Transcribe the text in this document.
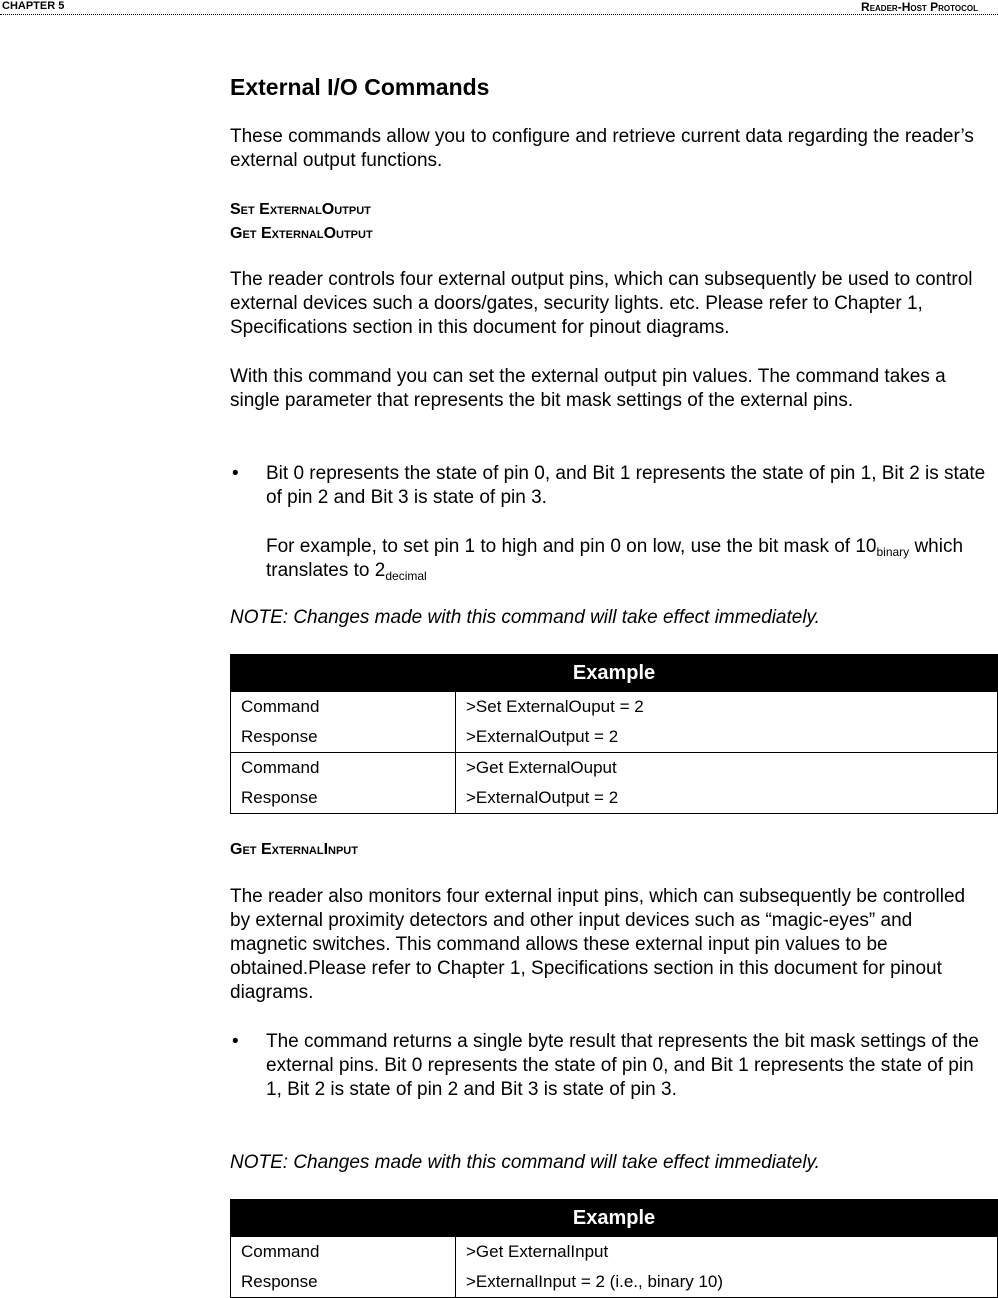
CHAPTER 5	Reader-Host Protocol
External I/O Commands

These commands allow you to configure and retrieve current data regarding the reader’s external output functions.

Set ExternalOutput
Get ExternalOutput

The reader controls four external output pins, which can subsequently be used to control external devices such a doors/gates, security lights. etc. Please refer to Chapter 1, Specifications section in this document for pinout diagrams.

With this command you can set the external output pin values. The command takes a single parameter that represents the bit mask settings of the external pins.

• Bit 0 represents the state of pin 0, and Bit 1 represents the state of pin 1, Bit 2 is state of pin 2 and Bit 3 is state of pin 3.
For example, to set pin 1 to high and pin 0 on low, use the bit mask of $10_{binary}$ which translates to $2_{decimal}$

NOTE: Changes made with this command will take effect immediately.

Example
Command	>Set ExternalOuput = 2
Response	>ExternalOutput = 2
Command	>Get ExternalOuput
Response	>ExternalOutput = 2
Get ExternalInput

The reader also monitors four external input pins, which can subsequently be controlled by external proximity detectors and other input devices such as “magic-eyes” and magnetic switches. This command allows these external input pin values to be obtained.Please refer to Chapter 1, Specifications section in this document for pinout diagrams.

• The command returns a single byte result that represents the bit mask settings of the external pins. Bit 0 represents the state of pin 0, and Bit 1 represents the state of pin 1, Bit 2 is state of pin 2 and Bit 3 is state of pin 3.

NOTE: Changes made with this command will take effect immediately.

Example
Command	>Get ExternalInput
Response	>ExternalInput = 2 (i.e., binary 10)
